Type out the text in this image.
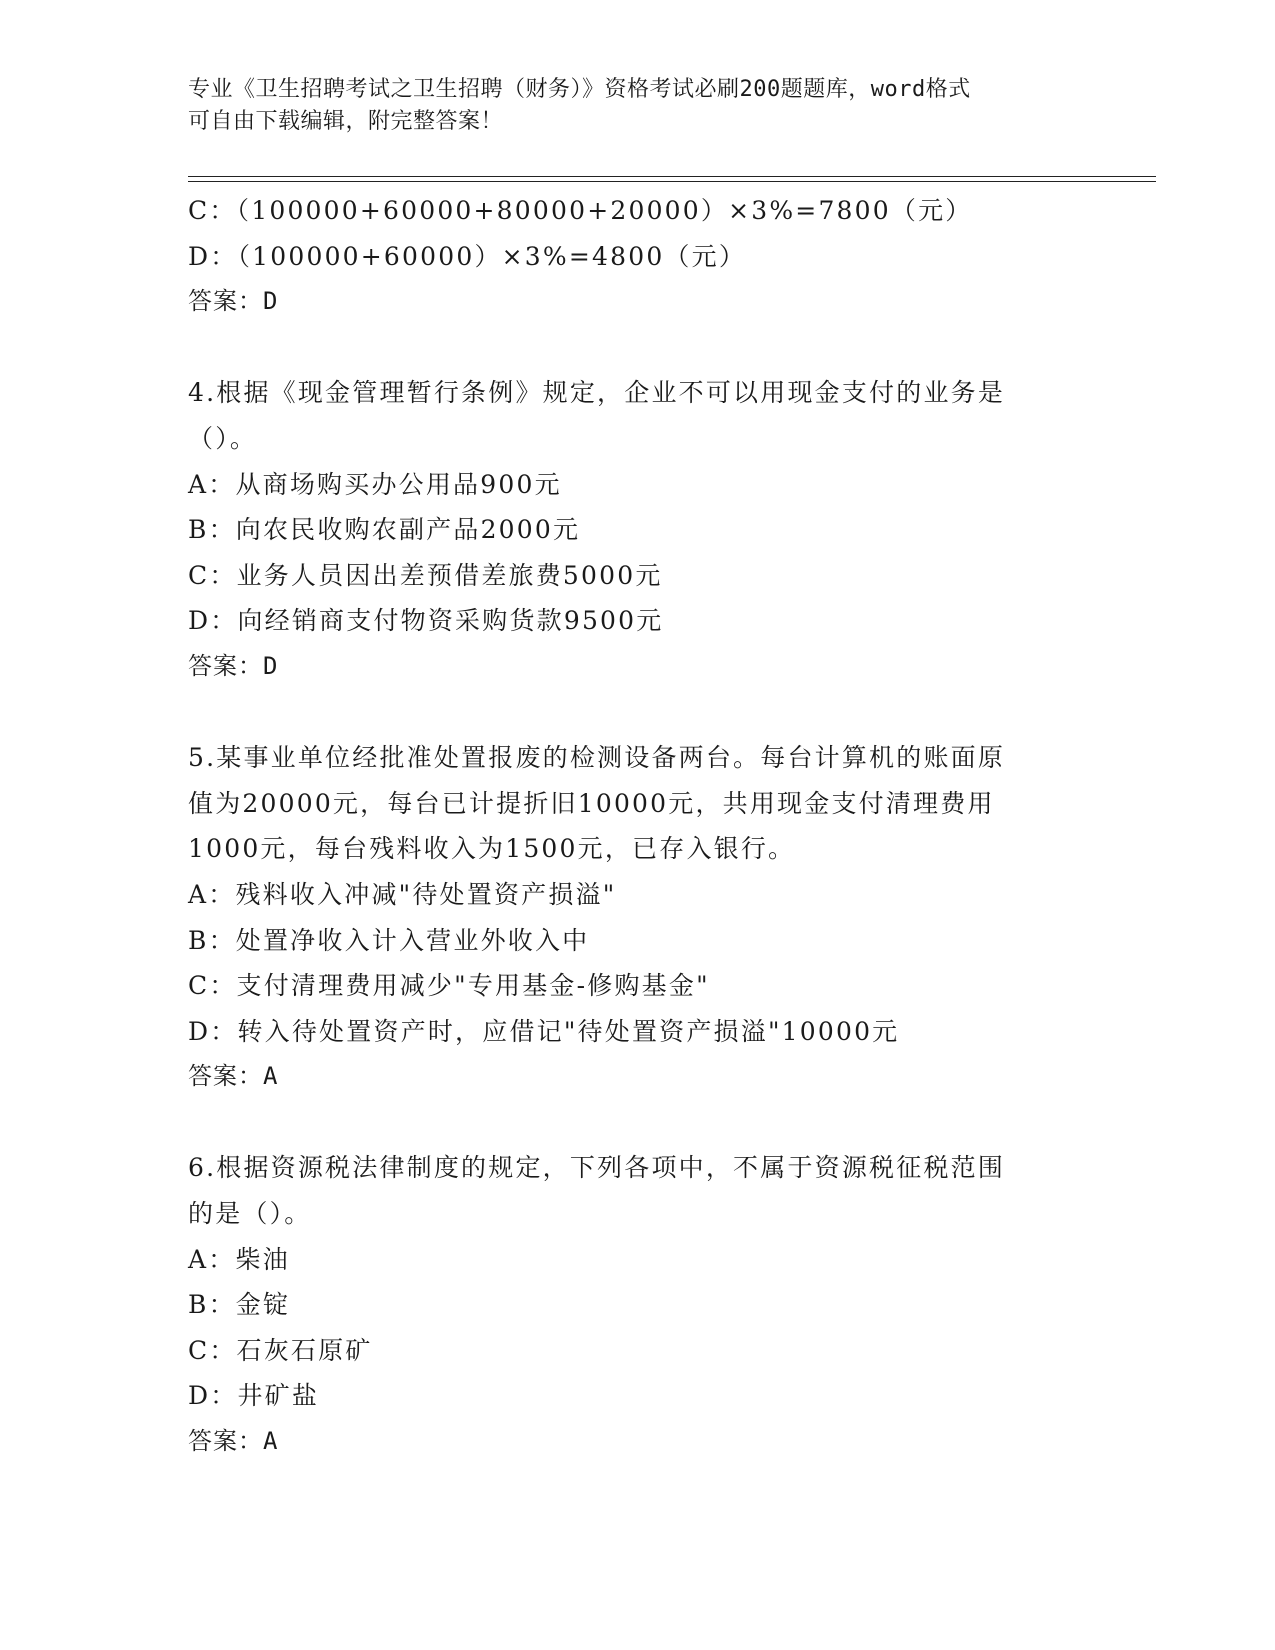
专业《卫生招聘考试之卫生招聘（财务）》资格考试必刷200题题库，word格式
可自由下载编辑，附完整答案！
C：（100000+60000+80000+20000）×3%=7800（元）
D：（100000+60000）×3%=4800（元）
答案：D
4.根据《现金管理暂行条例》规定，企业不可以用现金支付的业务是
（）。
A：从商场购买办公用品900元
B：向农民收购农副产品2000元
C：业务人员因出差预借差旅费5000元
D：向经销商支付物资采购货款9500元
答案：D
5.某事业单位经批准处置报废的检测设备两台。每台计算机的账面原
值为20000元，每台已计提折旧10000元，共用现金支付清理费用
1000元，每台残料收入为1500元，已存入银行。
A：残料收入冲减"待处置资产损溢"
B：处置净收入计入营业外收入中
C：支付清理费用减少"专用基金-修购基金"
D：转入待处置资产时，应借记"待处置资产损溢"10000元
答案：A
6.根据资源税法律制度的规定，下列各项中，不属于资源税征税范围
的是（）。
A：柴油
B：金锭
C：石灰石原矿
D：井矿盐
答案：A
